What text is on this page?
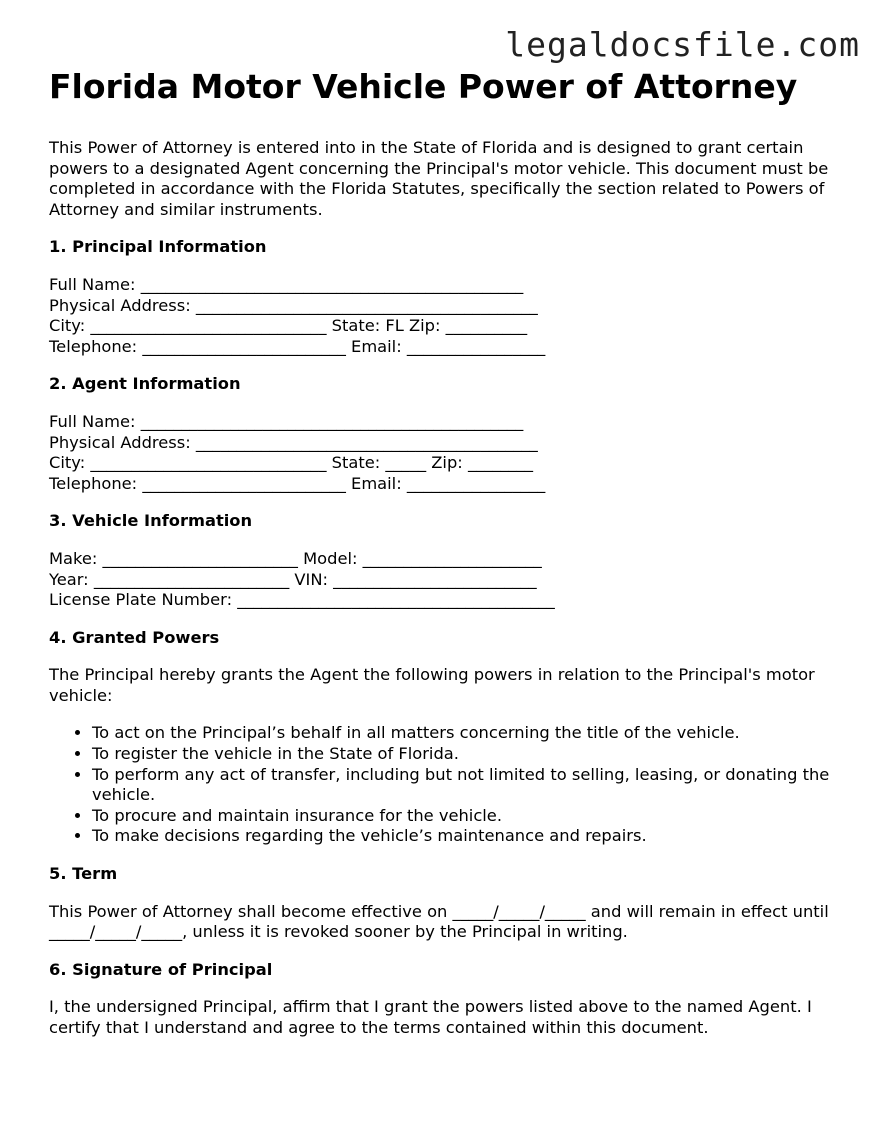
legaldocsfile.com
Florida Motor Vehicle Power of Attorney

This Power of Attorney is entered into in the State of Florida and is designed to grant certain powers to a designated Agent concerning the Principal's motor vehicle. This document must be completed in accordance with the Florida Statutes, specifically the section related to Powers of Attorney and similar instruments.

1. Principal Information
Full Name: _______________________________________________
Physical Address: __________________________________________
City: _____________________________ State: FL Zip: __________
Telephone: _________________________ Email: _________________
2. Agent Information
Full Name: _______________________________________________
Physical Address: __________________________________________
City: _____________________________ State: _____ Zip: ________
Telephone: _________________________ Email: _________________
3. Vehicle Information
Make: ________________________ Model: ______________________
Year: ________________________ VIN: _________________________
License Plate Number: _______________________________________
4. Granted Powers

The Principal hereby grants the Agent the following powers in relation to the Principal's motor vehicle:

• To act on the Principal’s behalf in all matters concerning the title of the vehicle.
• To register the vehicle in the State of Florida.
• To perform any act of transfer, including but not limited to selling, leasing, or donating the vehicle.
• To procure and maintain insurance for the vehicle.
• To make decisions regarding the vehicle’s maintenance and repairs.
5. Term

This Power of Attorney shall become effective on _____/_____/_____ and will remain in effect until _____/_____/_____, unless it is revoked sooner by the Principal in writing.

6. Signature of Principal

I, the undersigned Principal, affirm that I grant the powers listed above to the named Agent. I certify that I understand and agree to the terms contained within this document.
